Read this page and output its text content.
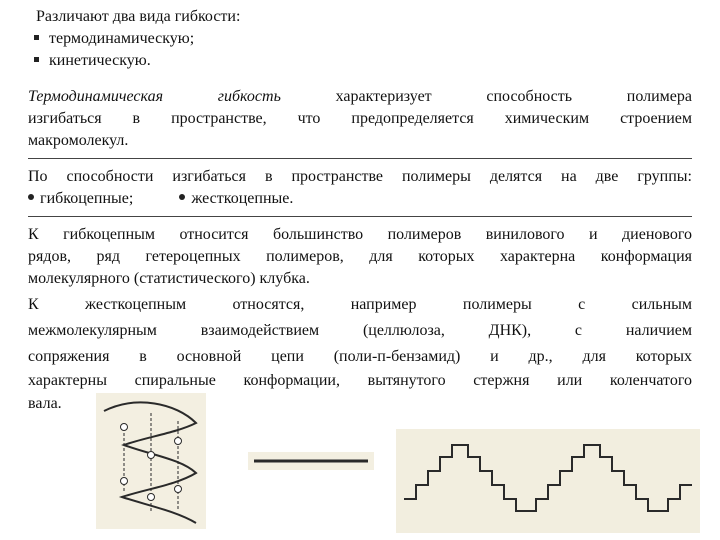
Различают два вида гибкости:
термодинамическую;
кинетическую.
Термодинамическая гибкость	характеризует способность полимера
изгибаться в пространстве, что предопределяется химическим строением
макромолекул.
По способности изгибаться в пространстве полимеры делятся на две группы:
гибкоцепные;	жесткоцепные.
К гибкоцепным относится большинство полимеров винилового и диенового
рядов, ряд гетероцепных полимеров, для которых характерна конформация
молекулярного (статистического) клубка.
К жесткоцепным относятся, например полимеры с сильным
межмолекулярным взаимодействием (целлюлоза, ДНК), с наличием
сопряжения в основной цепи (поли-п-бензамид) и др., для которых
характерны спиральные конформации, вытянутого стержня или коленчатого
вала.
